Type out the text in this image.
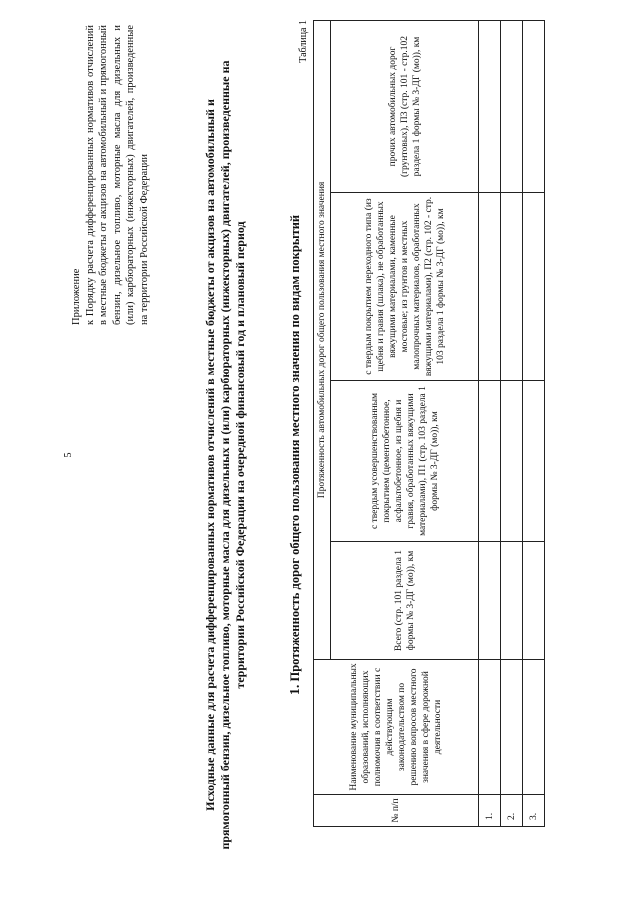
5
Приложение к Порядку расчета дифференцированных нормативов отчислений в местные бюджеты от акцизов на автомобильный и прямогонный бензин, дизельное топливо, моторные масла для дизельных и (или) карбюраторных (инжекторных) двигателей, произведенные на территории Российской Федерации	Исходные данные для расчета дифференцированных нормативов отчислений в местные бюджеты от акцизов на автомобильный и прямогонный бензин, дизельное топливо, моторные масла для дизельных и (или) карбюраторных (инжекторных) двигателей, произведенные на территории Российской Федерации на очередной финансовый год и плановый период
1. Протяженность дорог общего пользования местного значения по видам покрытий
Таблица 1
№ п/п	Наименование муниципальных образований, исполняющих полномочия в соответствии с действующим законодательством по решению вопросов местного значения в сфере дорожной деятельности	Протяженность автомобильных дорог общего пользования местного значения			
		Всего (стр. 101 раздела 1 формы № 3-ДГ (мо)), км	с твердым усовершенствованным покрытием (цементобетонное, асфальтобетонное, из щебня и гравия, обработанных вяжущими материалами), П1 (стр. 103 раздела 1 формы № 3-ДГ (мо)), км	с твердым покрытием переходного типа (из щебня и гравия (шлака), не обработанных вяжущими материалами, каменные мостовые; из грунтов и местных малопрочных материалов, обработанных вяжущими материалами), П2 (стр. 102 - стр. 103 раздела 1 формы № 3-ДГ (мо)), км	прочих автомобильных дорог (грунтовых), П3 (стр. 101 - стр.102 раздела 1 формы № 3-ДГ (мо)), км
1.					
2.					
3.					
